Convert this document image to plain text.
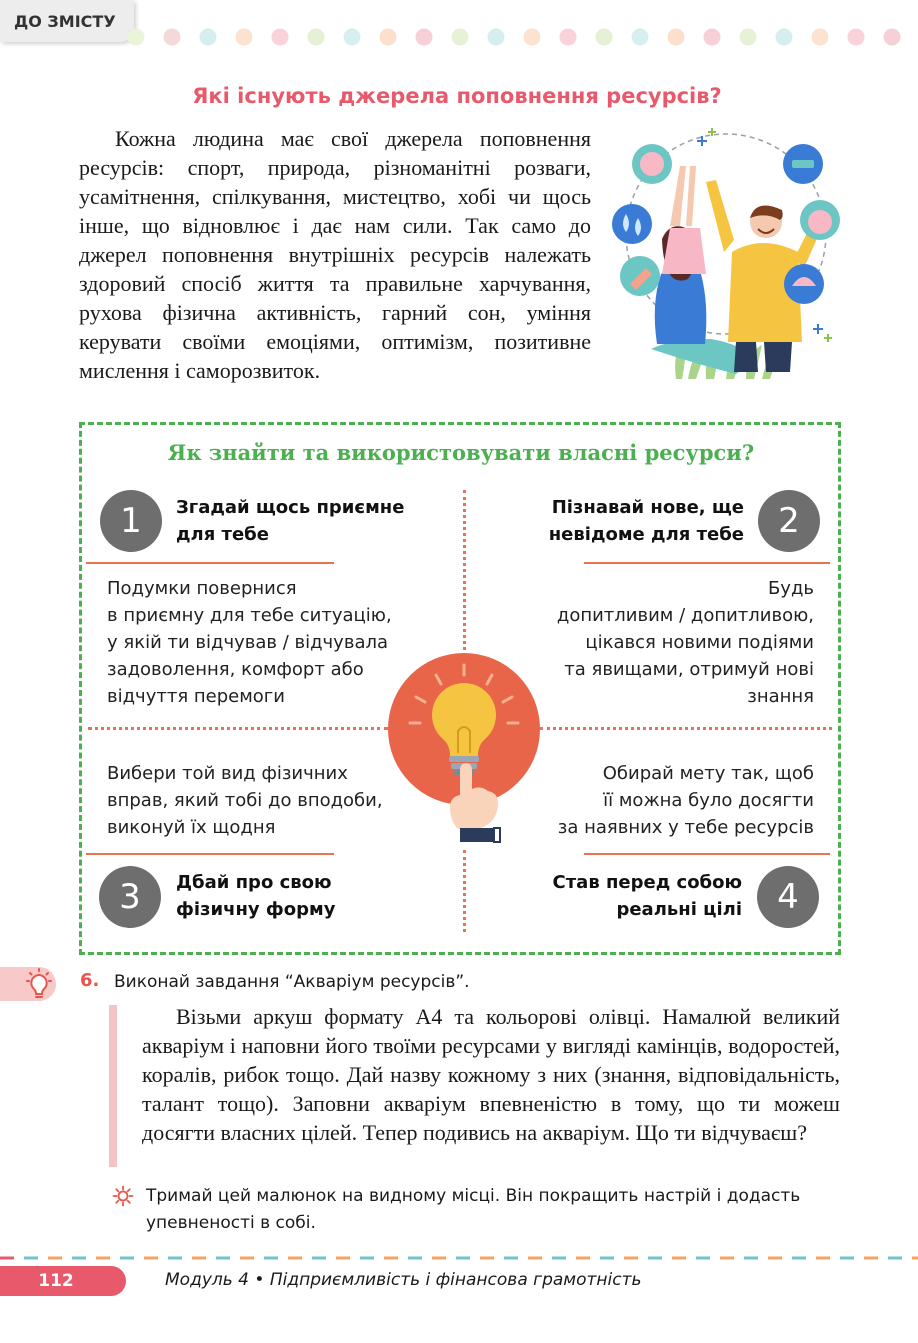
ДО ЗМІСТУ
Які існують джерела поповнення ресурсів?

Кожна людина має свої джерела поповнення ресурсів: спорт, природа, різноманітні розваги, усамітнення, спілкування, мистецтво, хобі чи щось інше, що відновлює і дає нам сили. Так само до джерел поповнення внутрішніх ресурсів належать здоровий спосіб життя та правильне харчування, рухова фізична активність, гарний сон, уміння керувати своїми емоціями, оптимізм, позитивне мислення і саморозвиток.

Як знайти та використовувати власні ресурси?
1	Згадай щось приємне
для тебе
Подумки повернися
в приємну для тебе ситуацію,
у якій ти відчував / відчувала
задоволення, комфорт або
відчуття перемоги
2
Пізнавай нове, ще
невідоме для тебе
Будь
допитливим / допитливою,
цікався новими подіями
та явищами, отримуй нові
знання
Вибери той вид фізичних
вправ, який тобі до вподоби,
виконуй їх щодня
3	Дбай про свою
фізичну форму
Обирай мету так, щоб
її можна було досягти
за наявних у тебе ресурсів
4
Став перед собою
реальні цілі
6. Виконай завдання “Акваріум ресурсів”.

Візьми аркуш формату А4 та кольорові олівці. Намалюй великий акваріум і наповни його твоїми ресурсами у вигляді камінців, водоростей, коралів, рибок тощо. Дай назву кожному з них (знання, відповідальність, талант тощо). Заповни акваріум впевненістю в тому, що ти можеш досягти власних цілей. Тепер подивись на акваріум. Що ти відчуваєш?

Тримай цей малюнок на видному місці. Він покращить настрій і додасть упевненості в собі.

112	Модуль 4 • Підприємливість і фінансова грамотність
